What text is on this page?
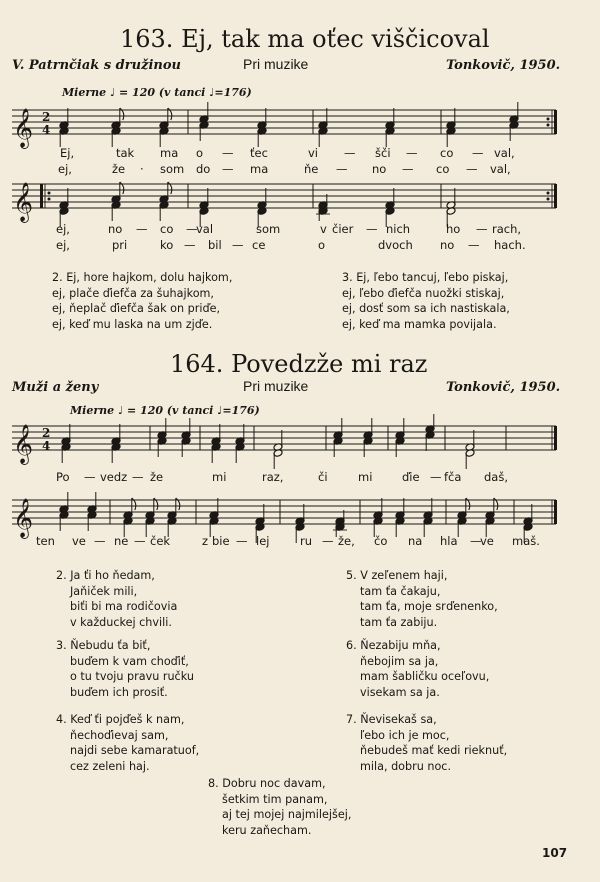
163. Ej, tak ma oťec viščicoval
V. Patrnčiak s družinou	Pri muzike	Tonkovič, 1950.
Mierne ♩ = 120 (v tanci ♩=176)
𝄞 2
4
Ej,	tak ma o — ťec	vi — šči — co — val,
ej,	že · som do — ma	ňe — no — co — val,
𝄞
ej,	no — co —
val	som	v čier — nich	ho — rach,
ej,	pri	ko — bil — ce	o	dvoch no — hach.
2. Ej, hore hajkom, dolu hajkom,
ej, plače ďiefča za šuhajkom,
ej, ňeplač ďiefča šak on priďe,
ej, keď mu laska na um zjďe.
3. Ej, ľebo tancuj, ľebo piskaj,
ej, ľebo ďiefča nuožki stiskaj,
ej, dosť som sa ich nastiskala,
ej, keď ma mamka povijala.
164. Povedzže mi raz
Muži a ženy	Pri muzike	Tonkovič, 1950.
Mierne ♩ = 120 (v tanci ♩=176)
𝄞 2
4
Po — vedz — že	mi	raz,	či	mi	ďie — fča daš,
𝄞
ten ve — ne — ček	z bie — lej	ru — že, čo na hla —
ve maš.
2. Ja ťi ho ňedam,
Jaňiček mili,
biťi bi ma rodičovia
v každuckej chvili.
3. Ňebudu ťa biť,
buďem k vam choďiť,
o tu tvoju pravu ručku
buďem ich prosiť.
4. Keď ťi pojďeš k nam,
ňechoďievaj sam,
najdi sebe kamaratuof,
cez zeleni haj.
5. V zeľenem haji,
tam ťa čakaju,
tam ťa, moje srďenenko,
tam ťa zabiju.
6. Ňezabiju mňa,
ňebojim sa ja,
mam šabličku oceľovu,
visekam sa ja.
7. Ňevisekaš sa,
ľebo ich je moc,
ňebudeš mať kedi rieknuť,
mila, dobru noc.
8. Dobru noc davam,
šetkim tim panam,
aj tej mojej najmilejšej,
keru zaňecham.
107
